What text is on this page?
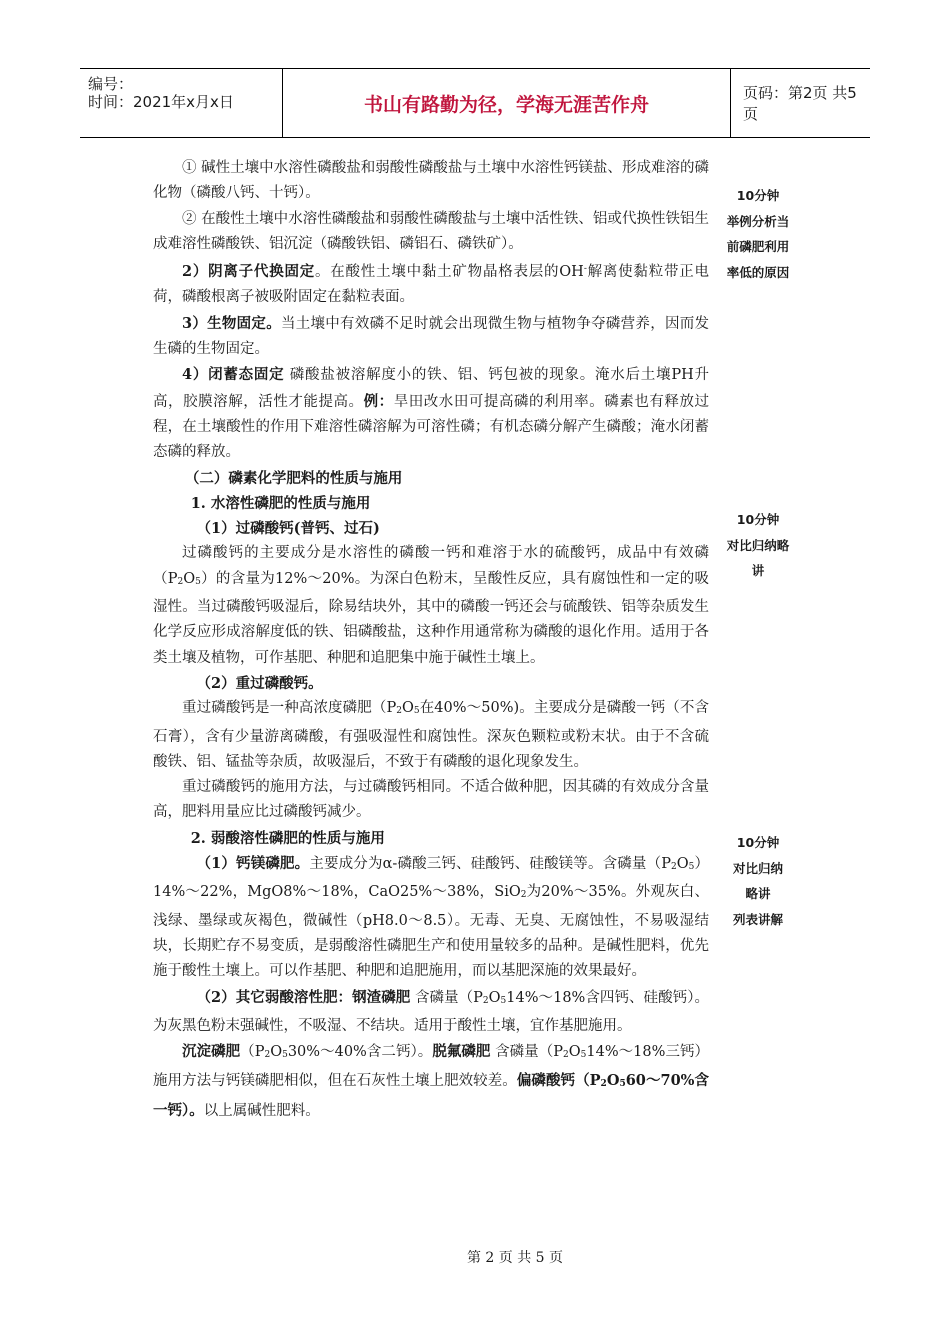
编号：
时间：2021年x月x日	书山有路勤为径，学海无涯苦作舟
页码：第2页 共5页

① 碱性土壤中水溶性磷酸盐和弱酸性磷酸盐与土壤中水溶性钙镁盐、形成难溶的磷化物（磷酸八钙、十钙）。

② 在酸性土壤中水溶性磷酸盐和弱酸性磷酸盐与土壤中活性铁、铝或代换性铁铝生成难溶性磷酸铁、铝沉淀（磷酸铁铝、磷铝石、磷铁矿）。

2）阴离子代换固定。在酸性土壤中黏土矿物晶格表层的OH-解离使黏粒带正电荷，磷酸根离子被吸附固定在黏粒表面。

3）生物固定。当土壤中有效磷不足时就会出现微生物与植物争夺磷营养，因而发生磷的生物固定。

4）闭蓄态固定 磷酸盐被溶解度小的铁、铝、钙包被的现象。淹水后土壤PH升高，胶膜溶解，活性才能提高。例：旱田改水田可提高磷的利用率。磷素也有释放过程，在土壤酸性的作用下难溶性磷溶解为可溶性磷；有机态磷分解产生磷酸；淹水闭蓄态磷的释放。

（二）磷素化学肥料的性质与施用

1. 水溶性磷肥的性质与施用

（1）过磷酸钙(普钙、过石)

过磷酸钙的主要成分是水溶性的磷酸一钙和难溶于水的硫酸钙，成品中有效磷（P2O5）的含量为12%～20%。为深白色粉末，呈酸性反应，具有腐蚀性和一定的吸湿性。当过磷酸钙吸湿后，除易结块外，其中的磷酸一钙还会与硫酸铁、铝等杂质发生化学反应形成溶解度低的铁、铝磷酸盐，这种作用通常称为磷酸的退化作用。适用于各类土壤及植物，可作基肥、种肥和追肥集中施于碱性土壤上。

（2）重过磷酸钙。

重过磷酸钙是一种高浓度磷肥（P2O5在40%～50%)。主要成分是磷酸一钙（不含石膏），含有少量游离磷酸，有强吸湿性和腐蚀性。深灰色颗粒或粉末状。由于不含硫酸铁、铝、锰盐等杂质，故吸湿后，不致于有磷酸的退化现象发生。

重过磷酸钙的施用方法，与过磷酸钙相同。不适合做种肥，因其磷的有效成分含量高，肥料用量应比过磷酸钙减少。

2. 弱酸溶性磷肥的性质与施用

（1）钙镁磷肥。主要成分为α-磷酸三钙、硅酸钙、硅酸镁等。含磷量（P2O5）14%～22%，MgO8%～18%，CaO25%～38%，SiO2为20%～35%。外观灰白、浅绿、墨绿或灰褐色，微碱性（pH8.0～8.5）。无毒、无臭、无腐蚀性，不易吸湿结块，长期贮存不易变质，是弱酸溶性磷肥生产和使用量较多的品种。是碱性肥料，优先施于酸性土壤上。可以作基肥、种肥和追肥施用，而以基肥深施的效果最好。

（2）其它弱酸溶性肥：钢渣磷肥 含磷量（P2O514%～18%含四钙、硅酸钙）。为灰黑色粉末强碱性，不吸湿、不结块。适用于酸性土壤，宜作基肥施用。

沉淀磷肥（P2O530%～40%含二钙）。脱氟磷肥 含磷量（P2O514%～18%三钙）施用方法与钙镁磷肥相似，但在石灰性土壤上肥效较差。偏磷酸钙（P2O560～70%含一钙）。以上属碱性肥料。

10分钟
举例分析当
前磷肥利用
率低的原因
10分钟
对比归纳略
讲
10分钟
对比归纳
略讲
列表讲解
第 2 页 共 5 页
